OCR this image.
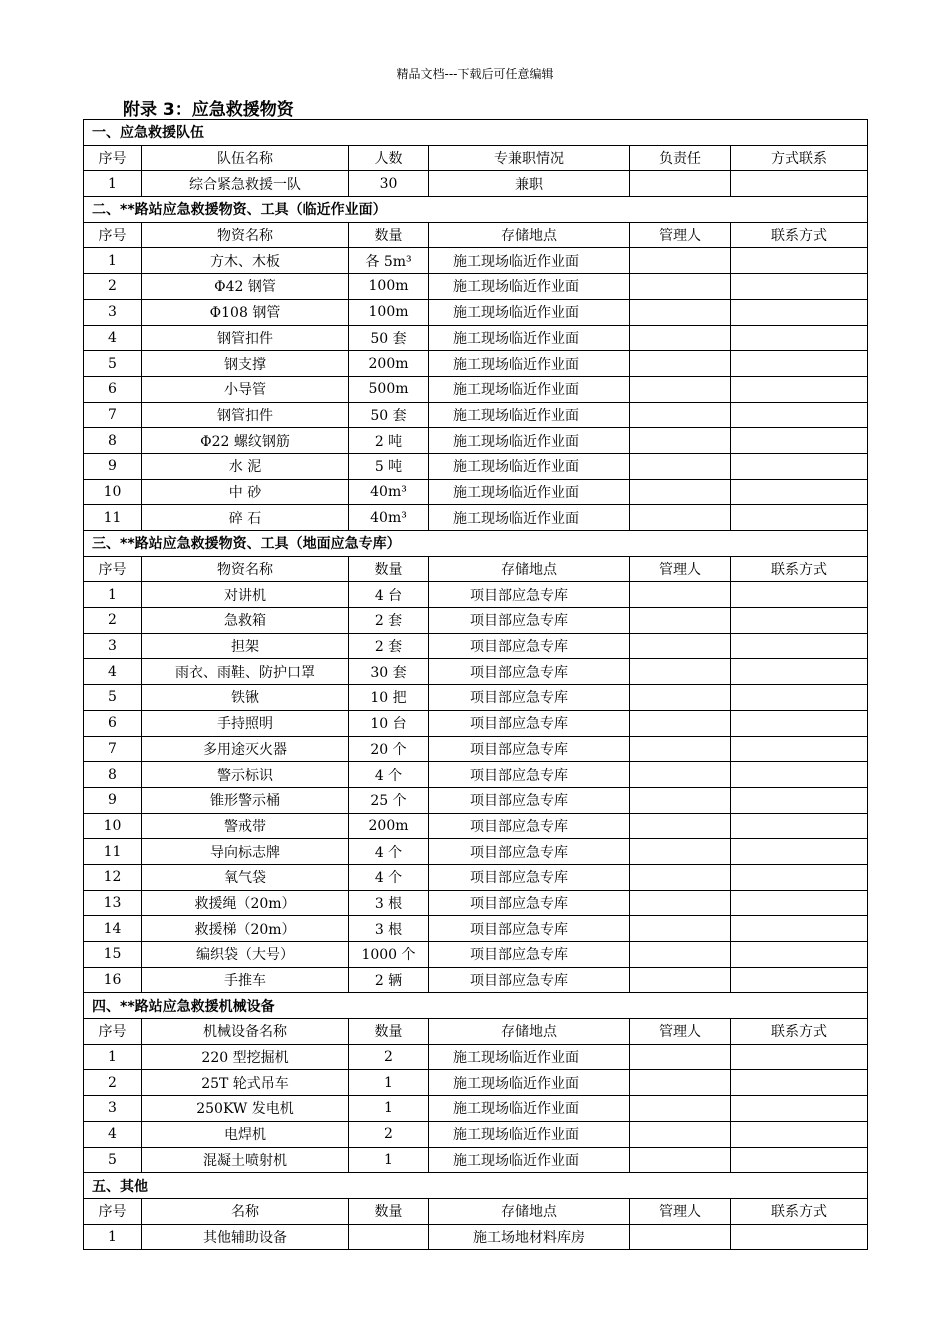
精品文档---下载后可任意编辑
附录 3：应急救援物资
一、应急救援队伍					
序号	队伍名称	人数	专兼职情况	负责任	方式联系
1	综合紧急救援一队	30	兼职		
二、**路站应急救援物资、工具（临近作业面）					
序号	物资名称	数量	存储地点	管理人	联系方式
1	方木、木板	各 5m³	施工现场临近作业面		
2	Φ42 钢管	100m	施工现场临近作业面		
3	Φ108 钢管	100m	施工现场临近作业面		
4	钢管扣件	50 套	施工现场临近作业面		
5	钢支撑	200m	施工现场临近作业面		
6	小导管	500m	施工现场临近作业面		
7	钢管扣件	50 套	施工现场临近作业面		
8	Φ22 螺纹钢筋	2 吨	施工现场临近作业面		
9	水 泥	5 吨	施工现场临近作业面		
10	中 砂	40m³	施工现场临近作业面		
11	碎 石	40m³	施工现场临近作业面		
三、**路站应急救援物资、工具（地面应急专库）					
序号	物资名称	数量	存储地点	管理人	联系方式
1	对讲机	4 台	项目部应急专库		
2	急救箱	2 套	项目部应急专库		
3	担架	2 套	项目部应急专库		
4	雨衣、雨鞋、防护口罩	30 套	项目部应急专库		
5	铁锹	10 把	项目部应急专库		
6	手持照明	10 台	项目部应急专库		
7	多用途灭火器	20 个	项目部应急专库		
8	警示标识	4 个	项目部应急专库		
9	锥形警示桶	25 个	项目部应急专库		
10	警戒带	200m	项目部应急专库		
11	导向标志牌	4 个	项目部应急专库		
12	氧气袋	4 个	项目部应急专库		
13	救援绳（20m）	3 根	项目部应急专库		
14	救援梯（20m）	3 根	项目部应急专库		
15	编织袋（大号）	1000 个	项目部应急专库		
16	手推车	2 辆	项目部应急专库		
四、**路站应急救援机械设备					
序号	机械设备名称	数量	存储地点	管理人	联系方式
1	220 型挖掘机	2	施工现场临近作业面		
2	25T 轮式吊车	1	施工现场临近作业面		
3	250KW 发电机	1	施工现场临近作业面		
4	电焊机	2	施工现场临近作业面		
5	混凝土喷射机	1	施工现场临近作业面		
五、其他					
序号	名称	数量	存储地点	管理人	联系方式
1	其他辅助设备		施工场地材料库房		
